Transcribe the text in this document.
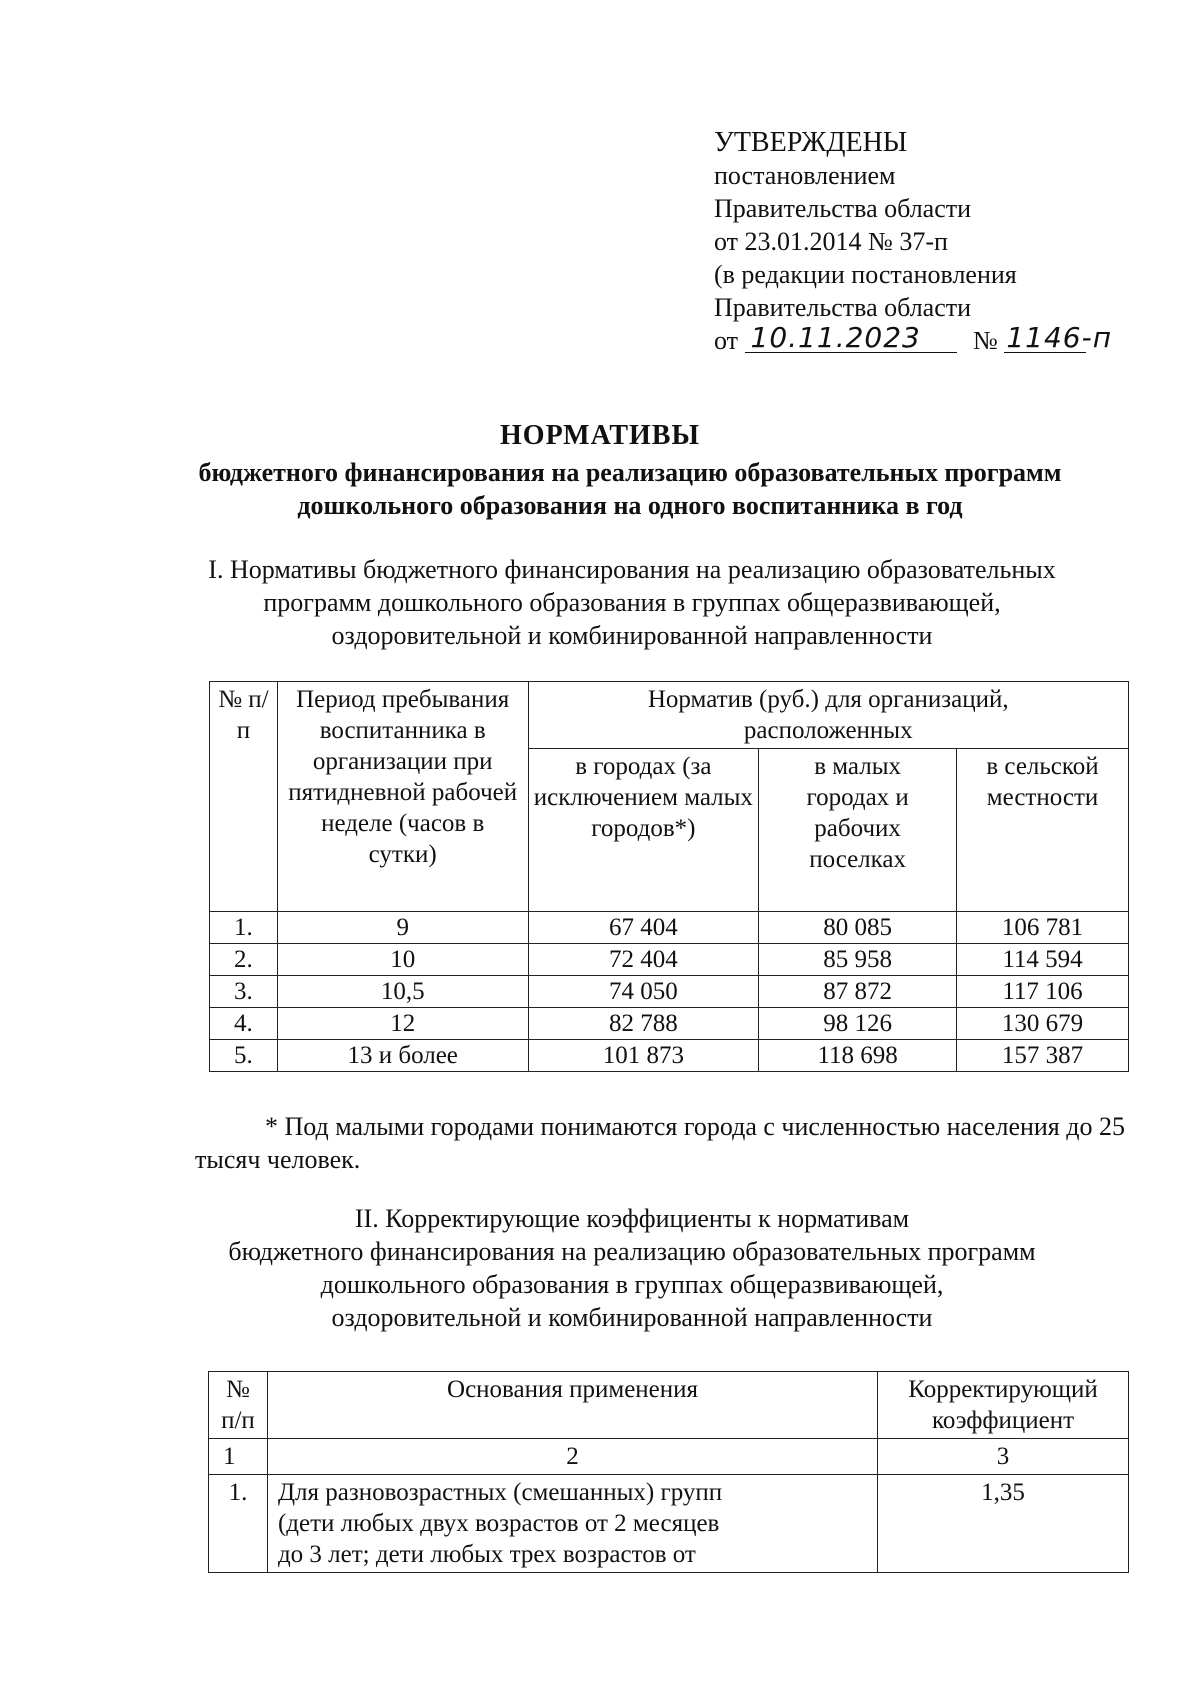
УТВЕРЖДЕНЫ
постановлением
Правительства области
от 23.01.2014 № 37-п
(в редакции постановления
Правительства области
от 10.11.2023 № 1146-п
НОРМАТИВЫ
бюджетного финансирования на реализацию образовательных программ
дошкольного образования на одного воспитанника в год
I. Нормативы бюджетного финансирования на реализацию образовательных
программ дошкольного образования в группах общеразвивающей,
оздоровительной и комбинированной направленности
№ п/п	Период пребывания воспитанника в организации при пятидневной рабочей неделе (часов в сутки)	Норматив (руб.) для организаций, расположенных		
		в городах (за исключением малых городов*)	в малых городах и рабочих поселках	в сельской местности
1.	9	67 404	80 085	106 781
2.	10	72 404	85 958	114 594
3.	10,5	74 050	87 872	117 106
4.	12	82 788	98 126	130 679
5.	13 и более	101 873	118 698	157 387
* Под малыми городами понимаются города с численностью населения до 25 тысяч человек.
II. Корректирующие коэффициенты к нормативам
бюджетного финансирования на реализацию образовательных программ
дошкольного образования в группах общеразвивающей,
оздоровительной и комбинированной направленности
№ п/п	Основания применения	Корректирующий коэффициент
1	2	3
1.	Для разновозрастных (смешанных) групп
(дети любых двух возрастов от 2 месяцев
до 3 лет; дети любых трех возрастов от	1,35
